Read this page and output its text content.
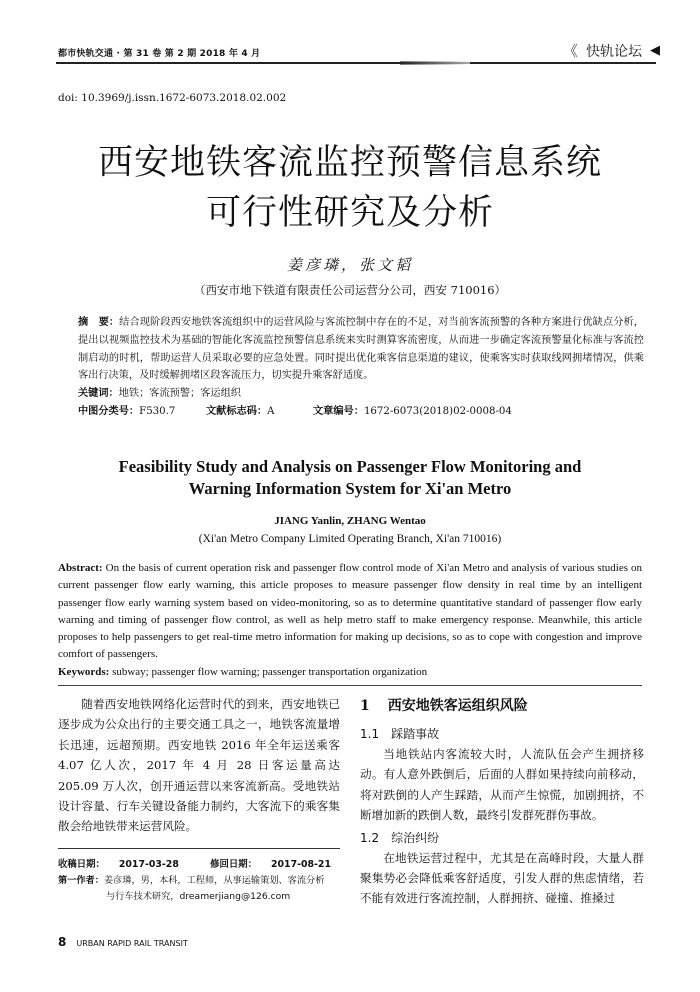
都市快轨交通 · 第 31 卷 第 2 期 2018 年 4 月	《 快轨论坛 ◀
doi: 10.3969/j.issn.1672-6073.2018.02.002
西安地铁客流监控预警信息系统
可行性研究及分析
姜彦璘，张文韬
（西安市地下铁道有限责任公司运营分公司，西安 710016）
摘　要：结合现阶段西安地铁客流组织中的运营风险与客流控制中存在的不足，对当前客流预警的各种方案进行优缺点分析，提出以视频监控技术为基础的智能化客流监控预警信息系统来实时测算客流密度，从而进一步确定客流预警量化标准与客流控制启动的时机，帮助运营人员采取必要的应急处置。同时提出优化乘客信息渠道的建议，使乘客实时获取线网拥堵情况，供乘客出行决策，及时缓解拥堵区段客流压力，切实提升乘客舒适度。
关键词：地铁；客流预警；客运组织
中图分类号：F530.7	文献标志码：A	文章编号：1672-6073(2018)02-0008-04
Feasibility Study and Analysis on Passenger Flow Monitoring and
Warning Information System for Xi'an Metro
JIANG Yanlin, ZHANG Wentao
(Xi'an Metro Company Limited Operating Branch, Xi'an 710016)
Abstract: On the basis of current operation risk and passenger flow control mode of Xi'an Metro and analysis of various studies on current passenger flow early warning, this article proposes to measure passenger flow density in real time by an intelligent passenger flow early warning system based on video-monitoring, so as to determine quantitative standard of passenger flow early warning and timing of passenger flow control, as well as help metro staff to make emergency response. Meanwhile, this article proposes to help passengers to get real-time metro information for making up decisions, so as to cope with congestion and improve comfort of passengers.
Keywords: subway; passenger flow warning; passenger transportation organization

随着西安地铁网络化运营时代的到来，西安地铁已逐步成为公众出行的主要交通工具之一，地铁客流量增长迅速，远超预期。西安地铁 2016 年全年运送乘客 4.07 亿人次，2017 年 4 月 28 日客运量高达 205.09 万人次，创开通运营以来客流新高。受地铁站设计容量、行车关键设备能力制约，大客流下的乘客集散会给地铁带来运营风险。

1 西安地铁客运组织风险
1.1 踩踏事故

当地铁站内客流较大时，人流队伍会产生拥挤移动。有人意外跌倒后，后面的人群如果持续向前移动，将对跌倒的人产生踩踏，从而产生惊慌，加剧拥挤，不断增加新的跌倒人数，最终引发群死群伤事故。

1.2 综治纠纷

在地铁运营过程中，尤其是在高峰时段，大量人群聚集势必会降低乘客舒适度，引发人群的焦虑情绪，若不能有效进行客流控制，人群拥挤、碰撞、推搡过

收稿日期： 2017-03-28	修回日期： 2017-08-21
第一作者：姜彦璘，男，本科，工程师，从事运输策划、客流分析
与行车技术研究，dreamerjiang@126.com
8 URBAN RAPID RAIL TRANSIT
